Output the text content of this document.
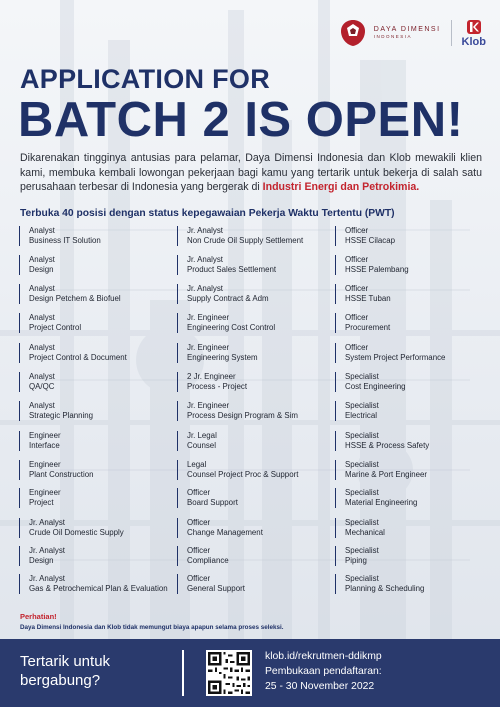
DAYA DIMENSI
INDONESIA	Klob
APPLICATION FOR
BATCH 2 IS OPEN!

Dikarenakan tingginya antusias para pelamar, Daya Dimensi Indonesia dan Klob mewakili klien kami, membuka kembali lowongan pekerjaan bagi kamu yang tertarik untuk bekerja di salah satu perusahaan terbesar di Indonesia yang bergerak di Industri Energi dan Petrokimia.

Terbuka 40 posisi dengan status kepegawaian Pekerja Waktu Tertentu (PWT)
Analyst
Business IT Solution
Analyst
Design
Analyst
Design Petchem & Biofuel
Analyst
Project Control
Analyst
Project Control & Document
Analyst
QA/QC
Analyst
Strategic Planning
Engineer
Interface
Engineer
Plant Construction
Engineer
Project
Jr. Analyst
Crude Oil Domestic Supply
Jr. Analyst
Design
Jr. Analyst
Gas & Petrochemical Plan & Evaluation
Jr. Analyst
Non Crude Oil Supply Settlement
Jr. Analyst
Product Sales Settlement
Jr. Analyst
Supply Contract & Adm
Jr. Engineer
Engineering Cost Control
Jr. Engineer
Engineering System
2 Jr. Engineer
Process - Project
Jr. Engineer
Process Design Program & Sim
Jr. Legal
Counsel
Legal
Counsel Project Proc & Support
Officer
Board Support
Officer
Change Management
Officer
Compliance
Officer
General Support
Officer
HSSE Cilacap
Officer
HSSE Palembang
Officer
HSSE Tuban
Officer
Procurement
Officer
System Project Performance
Specialist
Cost Engineering
Specialist
Electrical
Specialist
HSSE & Process Safety
Specialist
Marine & Port Engineer
Specialist
Material Engineering
Specialist
Mechanical
Specialist
Piping
Specialist
Planning & Scheduling
Perhatian!
Daya Dimensi Indonesia dan Klob tidak memungut biaya apapun selama proses seleksi.
Tertarik untuk
bergabung?
klob.id/rekrutmen-ddikmp
Pembukaan pendaftaran:
25 - 30 November 2022
